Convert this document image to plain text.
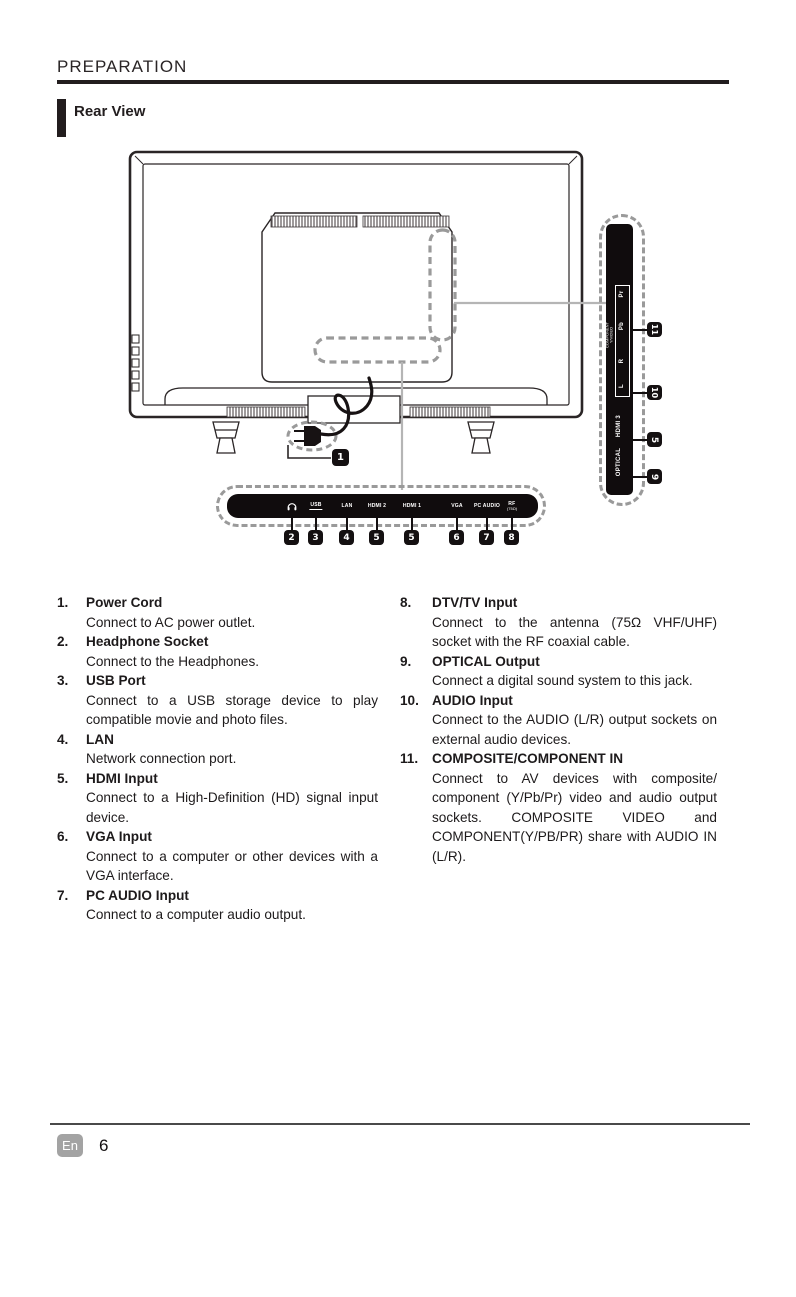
PREPARATION
Rear View
1
USB	LAN	HDMI 2	HDMI 1	VGA PC AUDIO RF
(75Ω)
2 3	4	5	5	6	7 8
Pr
Pb
COMPONENT
Y/VIDEO
R
L
HDMI 3
OPTICAL
11
10
5
9
1.	Power Cord
Connect to AC power outlet.
2.	Headphone Socket
Connect to the Headphones.
3.	USB Port
Connect to a USB storage device to play compatible movie and photo files.
4.	LAN
Network connection port.
5.	HDMI Input
Connect to a High-Definition (HD) signal input device.
6.	VGA Input
Connect to a computer or other devices with a VGA interface.
7.	PC AUDIO Input
Connect to a computer audio output.
8.	DTV/TV Input
Connect to the antenna (75Ω VHF/UHF) socket with the RF coaxial cable.
9.	OPTICAL Output
Connect a digital sound system to this jack.
10. AUDIO Input
Connect to the AUDIO (L/R) output sockets on external audio devices.
11.	COMPOSITE/COMPONENT IN
Connect to AV devices with composite/ component (Y/Pb/Pr) video and audio output sockets. COMPOSITE VIDEO and COMPONENT(Y/PB/PR) share with AUDIO IN (L/R).
En 6
